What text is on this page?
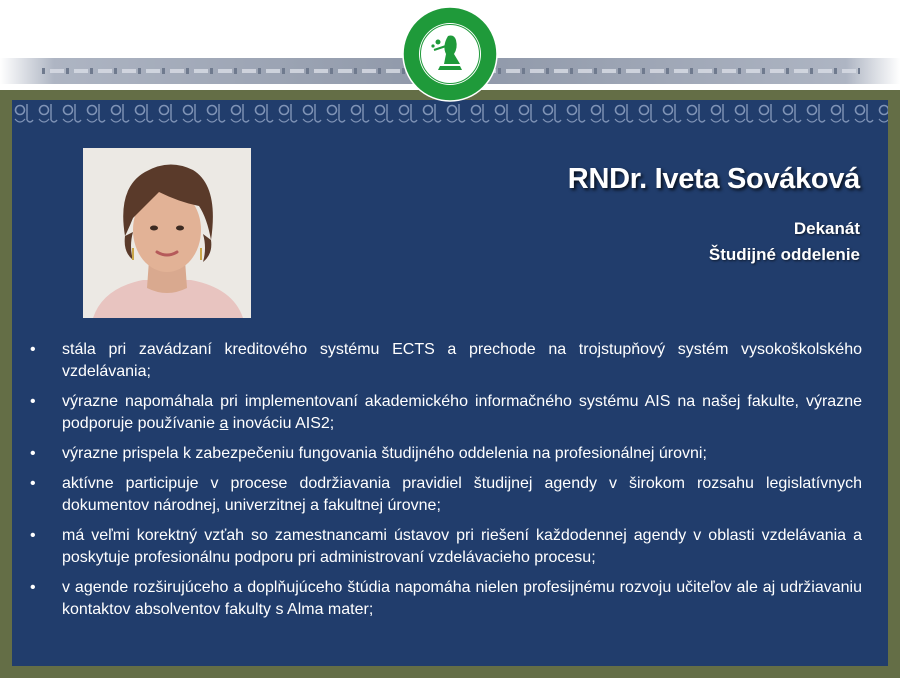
RNDr. Iveta Sováková
Dekanát
Študijné oddelenie
• stála pri zavádzaní kreditového systému ECTS a prechode na trojstupňový systém vysokoškolského vzdelávania;
• výrazne napomáhala pri implementovaní akademického informačného systému AIS na našej fakulte, výrazne podporuje používanie a inováciu AIS2;
• výrazne prispela k zabezpečeniu fungovania študijného oddelenia na profesionálnej úrovni;
• aktívne participuje v procese dodržiavania pravidiel študijnej agendy v širokom rozsahu legislatívnych dokumentov národnej, univerzitnej a fakultnej úrovne;
• má veľmi korektný vzťah so zamestnancami ústavov pri riešení každodennej agendy v oblasti vzdelávania a poskytuje profesionálnu podporu pri administrovaní vzdelávacieho procesu;
• v agende rozširujúceho a doplňujúceho štúdia napomáha nielen profesijnému rozvoju učiteľov ale aj udržiavaniu kontaktov absolventov fakulty s Alma mater;
